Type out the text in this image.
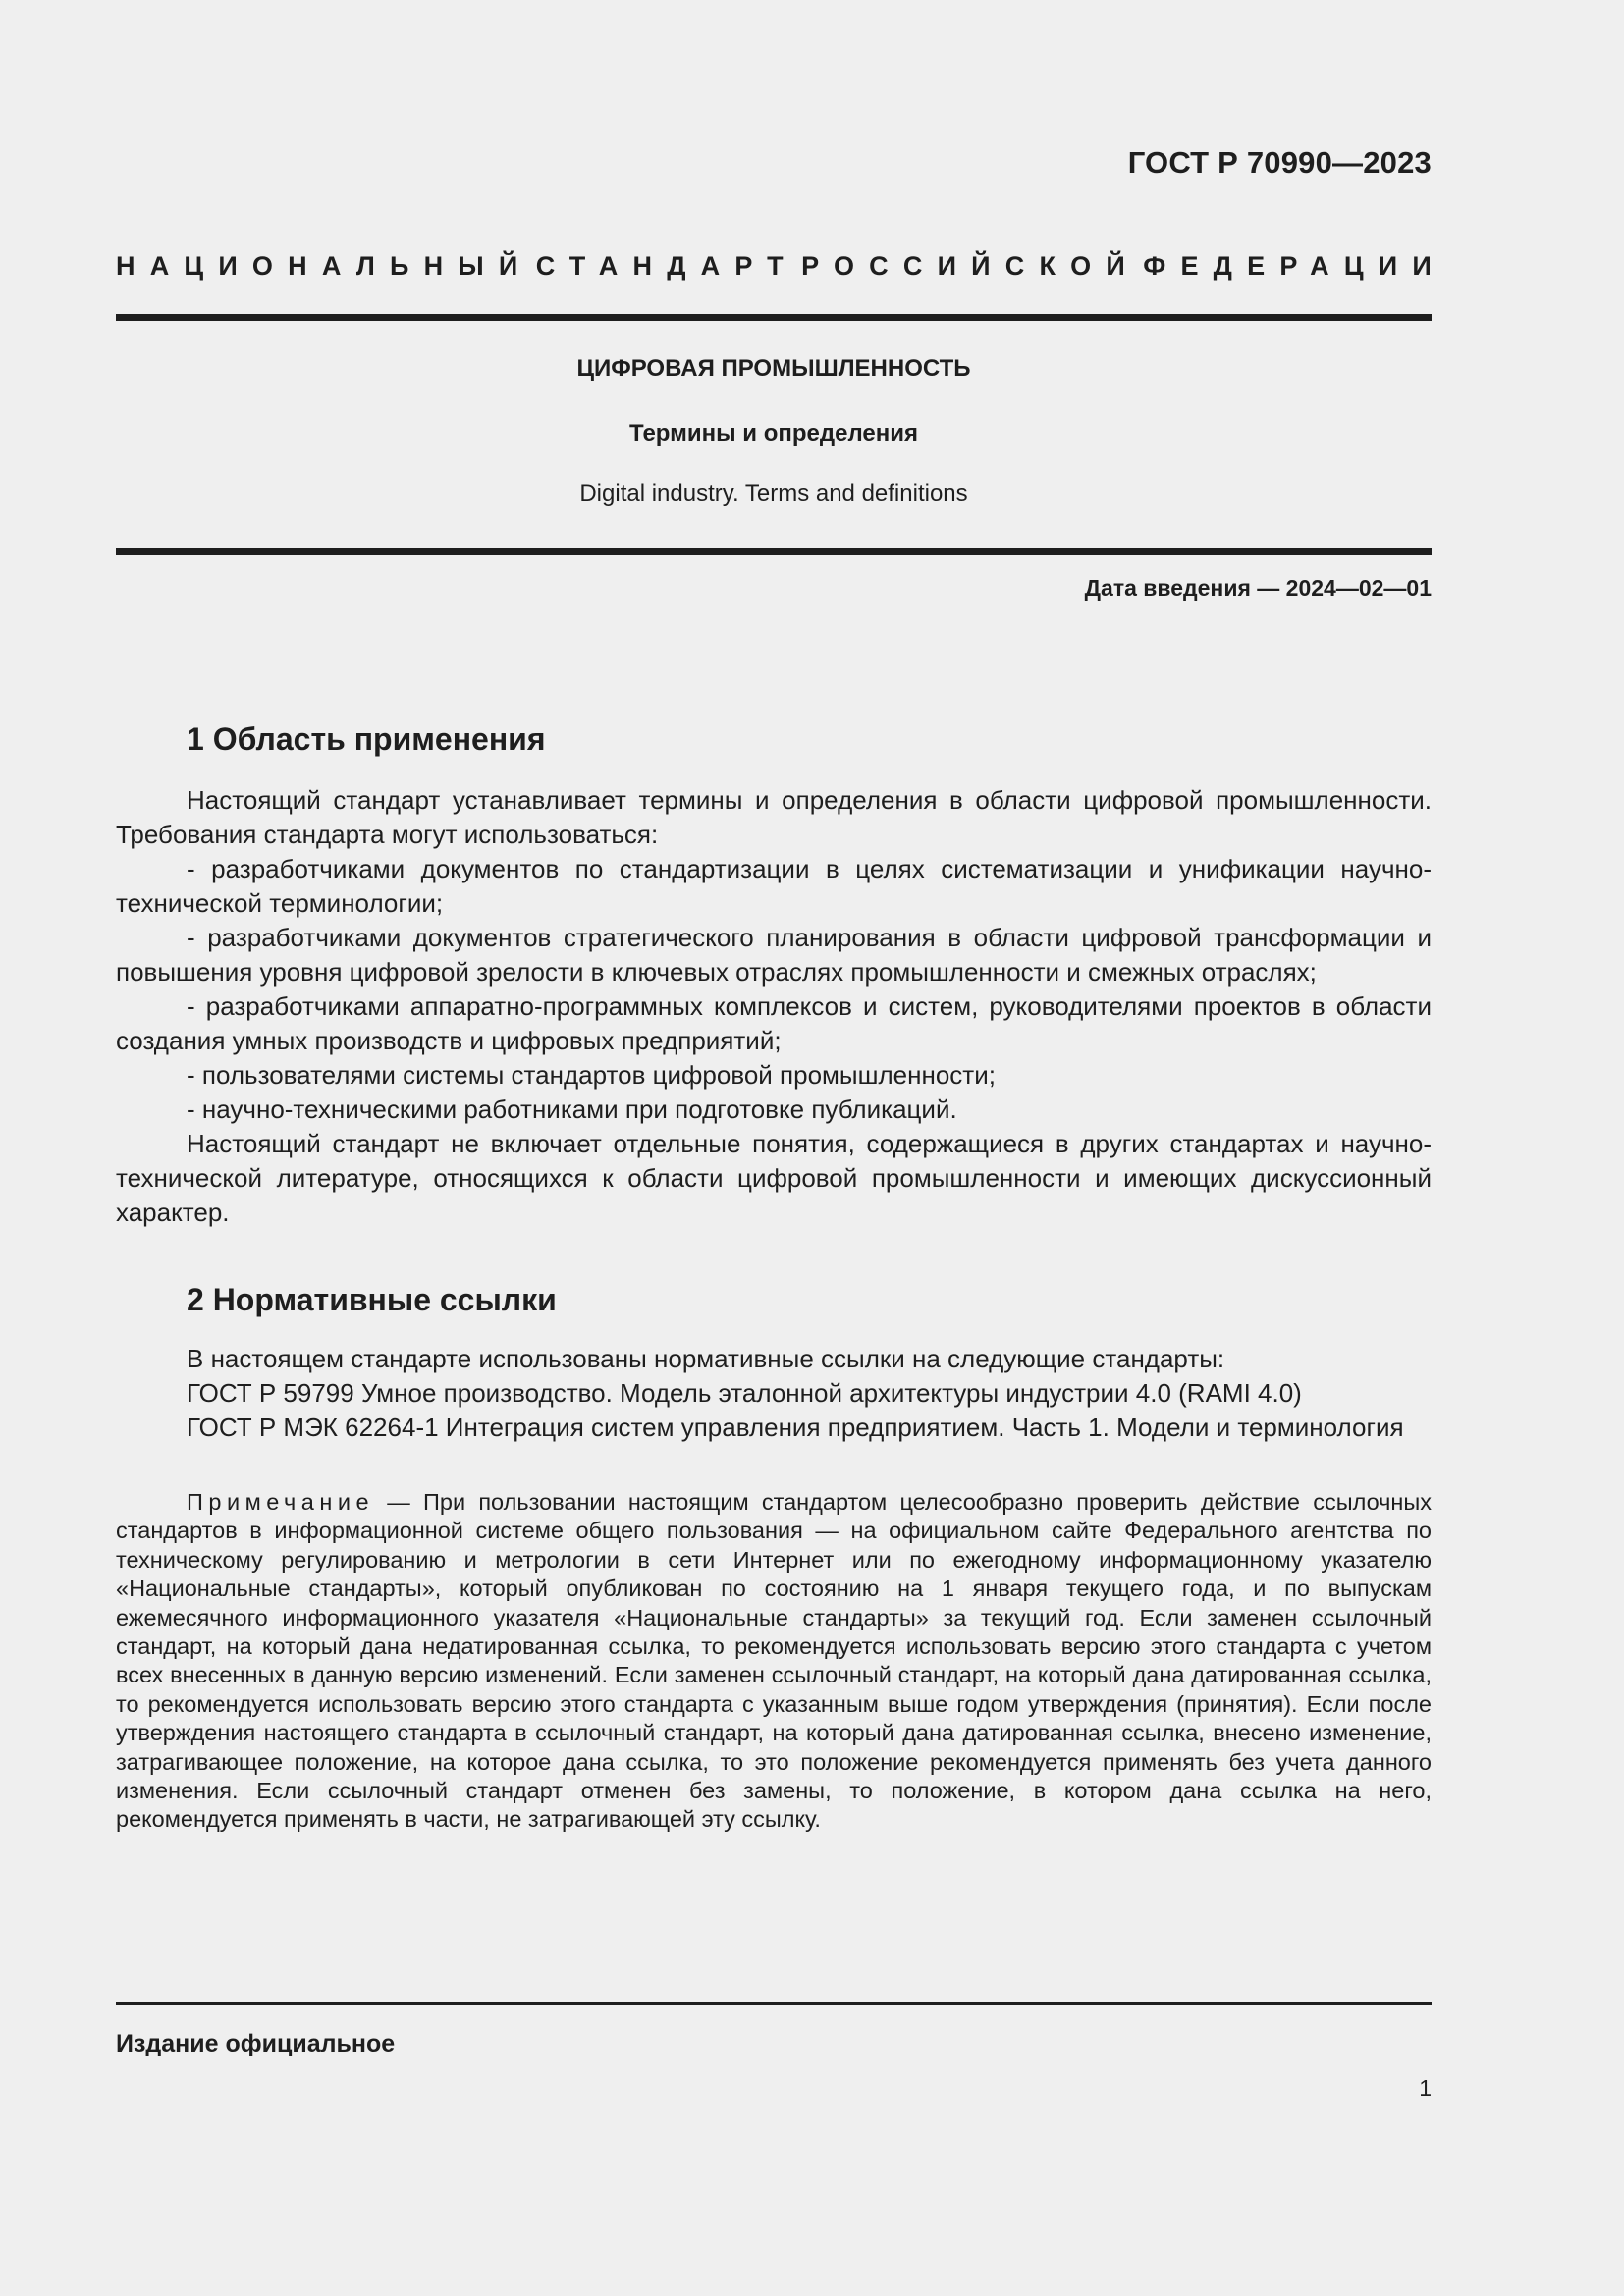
ГОСТ Р 70990—2023
НАЦИОНАЛЬНЫЙ СТАНДАРТ РОССИЙСКОЙ ФЕДЕРАЦИИ
ЦИФРОВАЯ ПРОМЫШЛЕННОСТЬ
Термины и определения
Digital industry. Terms and definitions
Дата введения — 2024—02—01
1 Область применения

Настоящий стандарт устанавливает термины и определения в области цифровой промышленности. Требования стандарта могут использоваться:

- разработчиками документов по стандартизации в целях систематизации и унификации научно-технической терминологии;

- разработчиками документов стратегического планирования в области цифровой трансформации и повышения уровня цифровой зрелости в ключевых отраслях промышленности и смежных отраслях;

- разработчиками аппаратно-программных комплексов и систем, руководителями проектов в области создания умных производств и цифровых предприятий;

- пользователями системы стандартов цифровой промышленности;

- научно-техническими работниками при подготовке публикаций.

Настоящий стандарт не включает отдельные понятия, содержащиеся в других стандартах и научно-технической литературе, относящихся к области цифровой промышленности и имеющих дискуссионный характер.

2 Нормативные ссылки

В настоящем стандарте использованы нормативные ссылки на следующие стандарты:

ГОСТ Р 59799 Умное производство. Модель эталонной архитектуры индустрии 4.0 (RAMI 4.0)

ГОСТ Р МЭК 62264-1 Интеграция систем управления предприятием. Часть 1. Модели и терминология

Примечание — При пользовании настоящим стандартом целесообразно проверить действие ссылочных стандартов в информационной системе общего пользования — на официальном сайте Федерального агентства по техническому регулированию и метрологии в сети Интернет или по ежегодному информационному указателю «Национальные стандарты», который опубликован по состоянию на 1 января текущего года, и по выпускам ежемесячного информационного указателя «Национальные стандарты» за текущий год. Если заменен ссылочный стандарт, на который дана недатированная ссылка, то рекомендуется использовать версию этого стандарта с учетом всех внесенных в данную версию изменений. Если заменен ссылочный стандарт, на который дана датированная ссылка, то рекомендуется использовать версию этого стандарта с указанным выше годом утверждения (принятия). Если после утверждения настоящего стандарта в ссылочный стандарт, на который дана датированная ссылка, внесено изменение, затрагивающее положение, на которое дана ссылка, то это положение рекомендуется применять без учета данного изменения. Если ссылочный стандарт отменен без замены, то положение, в котором дана ссылка на него, рекомендуется применять в части, не затрагивающей эту ссылку.

Издание официальное
1
